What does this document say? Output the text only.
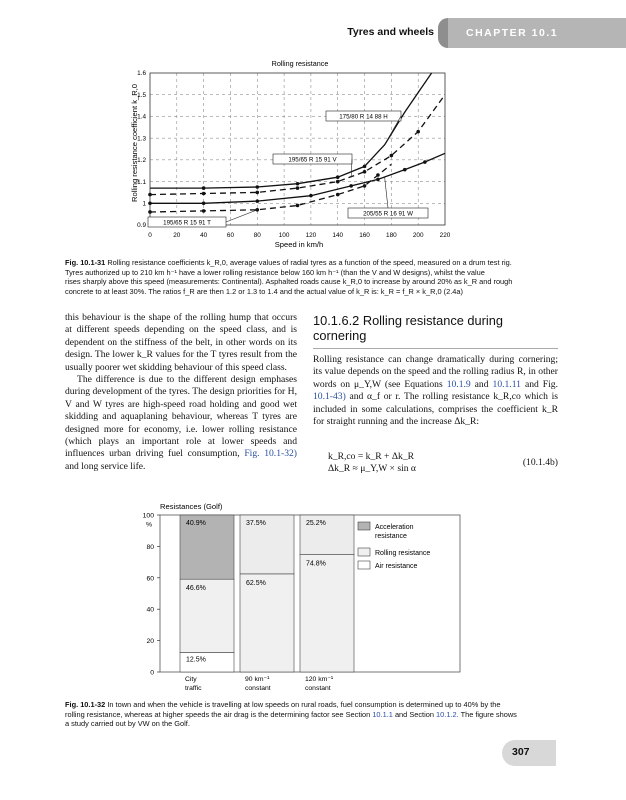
Tyres and wheels	CHAPTER 10.1
0	20	40	60	80	100	120	140	160	180	200	220
0.9
1
1.1
1.2
1.3
1.4
1.5
1.6
175/80 R 14 88 H
195/65 R 15 91 V
205/55 R 16 91 W
195/65 R 15 91 T
Rolling resistance
Speed in km/h
Rolling resistance coefficient k_R,0
Fig. 10.1-31 Rolling resistance coefficients k_R,0, average values of radial tyres as a function of the speed, measured on a drum test rig.
Tyres authorized up to 210 km h⁻¹ have a lower rolling resistance below 160 km h⁻¹ (than the V and W designs), whilst the value
rises sharply above this speed (measurements: Continental). Asphalted roads cause k_R,0 to increase by around 20% as k_R and rough
concrete to at least 30%. The ratios f_R are then 1.2 or 1.3 to 1.4 and the actual value of k_R is: k_R = f_R × k_R,0 (2.4a)

this behaviour is the shape of the rolling hump that occurs at different speeds depending on the speed class, and is dependent on the stiffness of the belt, in other words on its design. The lower k_R values for the T tyres result from the usually poorer wet skidding behaviour of this speed class.

The difference is due to the different design emphases during development of the tyres. The design priorities for H, V and W tyres are high-speed road holding and good wet skidding and aquaplaning behaviour, whereas T tyres are designed more for economy, i.e. lower rolling resistance (which plays an important role at lower speeds and influences urban driving fuel consumption, Fig. 10.1-32) and long service life.

10.1.6.2 Rolling resistance during
cornering
Rolling resistance can change dramatically during cornering; its value depends on the speed and the rolling radius R, in other words on μ_Y,W (see Equations 10.1.9 and 10.1.11 and Fig. 10.1-43) and α_f or r. The rolling resistance k_R,co which is included in some calculations, comprises the coefficient k_R for straight running and the increase Δk_R:
k_R,co = k_R + Δk_R
Δk_R ≈ μ_Y,W × sin α
(10.1.4b)
Resistances (Golf)
0
20
40
60
80
100
%	40.9%
46.6%
12.5%
City
traffic
37.5%
62.5%
90 km⁻¹
constant
25.2%
74.8%
120 km⁻¹
constant
Acceleration
resistance
Rolling resistance
Air resistance
Fig. 10.1-32 In town and when the vehicle is travelling at low speeds on rural roads, fuel consumption is determined up to 40% by the
rolling resistance, whereas at higher speeds the air drag is the determining factor see Section 10.1.1 and Section 10.1.2. The figure shows
a study carried out by VW on the Golf.
307
